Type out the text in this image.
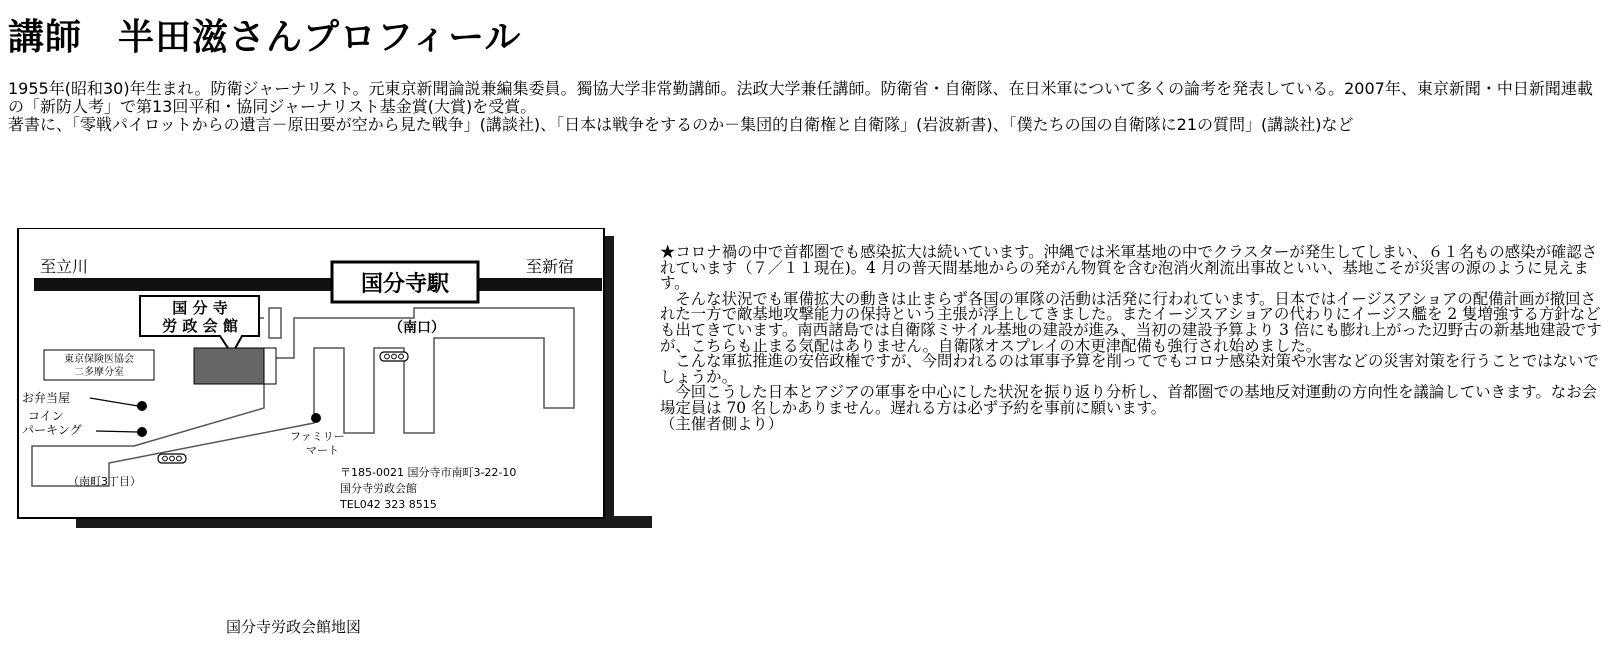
講師 半田滋さんプロフィール

1955年(昭和30)年生まれ。防衛ジャーナリスト。元東京新聞論説兼編集委員。獨協大学非常勤講師。法政大学兼任講師。防衛省・自衛隊、在日米軍について多くの論考を発表している。2007年、東京新聞・中日新聞連載の「新防人考」で第13回平和・協同ジャーナリスト基金賞(大賞)を受賞。

著書に、「零戦パイロットからの遺言－原田要が空から見た戦争」(講談社)、「日本は戦争をするのか－集団的自衛権と自衛隊」(岩波新書)、「僕たちの国の自衛隊に21の質問」(講談社)など

至立川	至新宿
国分寺駅
（南口）
国 分 寺
労 政 会 館
東京保険医協会
二多摩分室
お弁当屋
コイン
パーキング	ファミリー
マート
（南町3丁目）
〒185-0021 国分寺市南町3-22-10
国分寺労政会館
TEL042 323 8515
国分寺労政会館地図

★コロナ禍の中で首都圏でも感染拡大は続いています。沖縄では米軍基地の中でクラスターが発生してしまい、６１名もの感染が確認されています（７／１１現在)。4 月の普天間基地からの発がん物質を含む泡消火剤流出事故といい、基地こそが災害の源のように見えます。

　そんな状況でも軍備拡大の動きは止まらず各国の軍隊の活動は活発に行われています。日本ではイージスアショアの配備計画が撤回された一方で敵基地攻撃能力の保持という主張が浮上してきました。またイージスアショアの代わりにイージス艦を 2 隻増強する方針なども出てきています。南西諸島では自衛隊ミサイル基地の建設が進み、当初の建設予算より 3 倍にも膨れ上がった辺野古の新基地建設ですが、こちらも止まる気配はありません。自衛隊オスプレイの木更津配備も強行され始めました。

　こんな軍拡推進の安倍政権ですが、今問われるのは軍事予算を削ってでもコロナ感染対策や水害などの災害対策を行うことではないでしょうか。

　今回こうした日本とアジアの軍事を中心にした状況を振り返り分析し、首都圏での基地反対運動の方向性を議論していきます。なお会場定員は 70 名しかありません。遅れる方は必ず予約を事前に願います。

（主催者側より）
